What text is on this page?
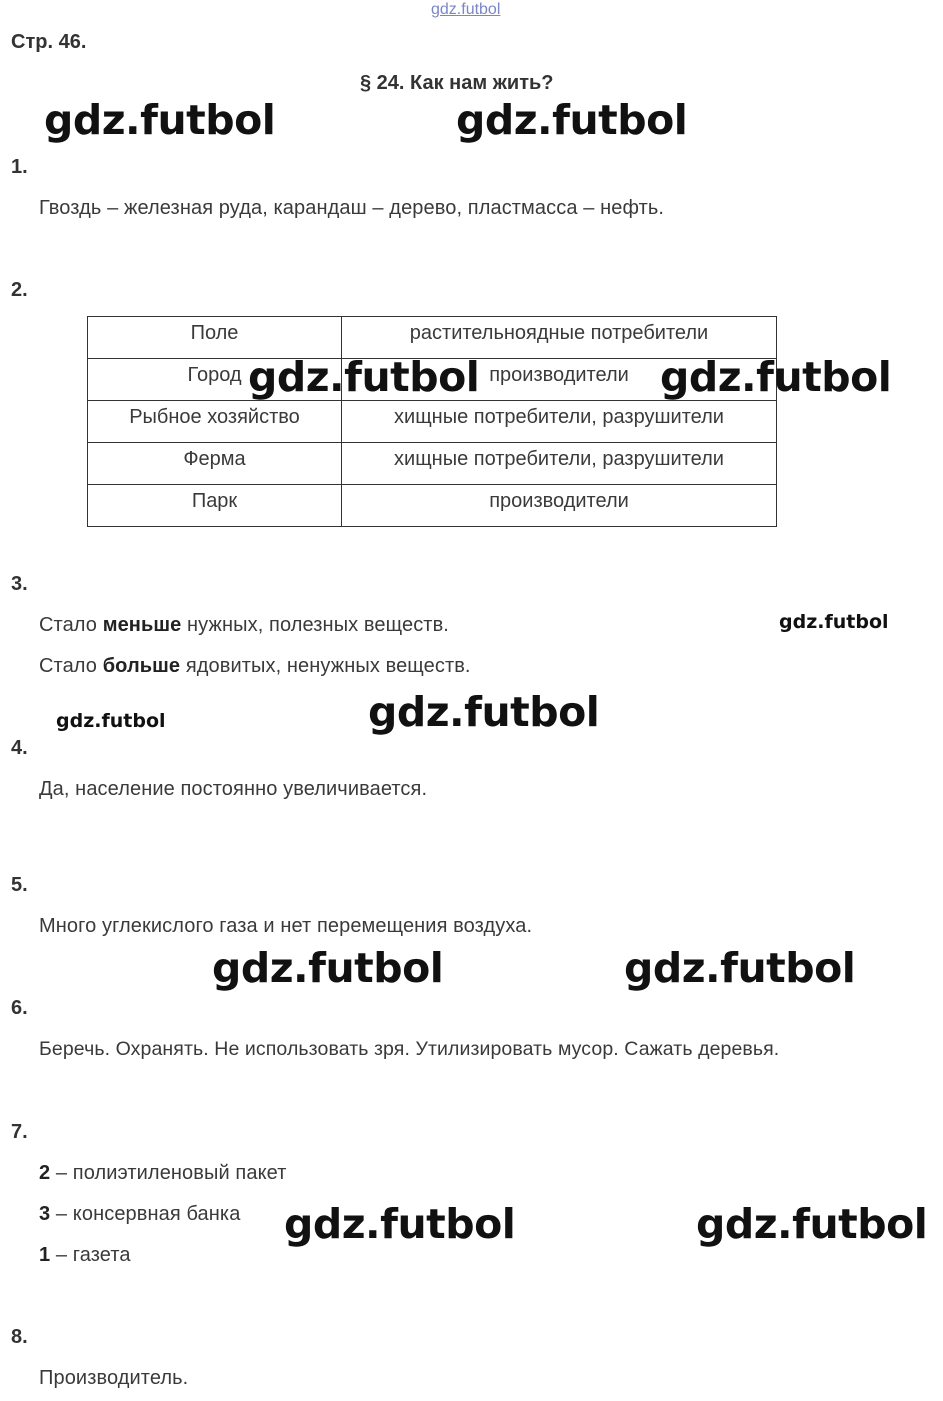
gdz.futbol
Стр. 46.
§ 24. Как нам жить?
1.
Гвоздь – железная руда, карандаш – дерево, пластмасса – нефть.
2.
Поле	растительноядные потребители
Город	производители
Рыбное хозяйство	хищные потребители, разрушители
Ферма	хищные потребители, разрушители
Парк	производители
3.
Стало меньше нужных, полезных веществ.
Стало больше ядовитых, ненужных веществ.
4.
Да, население постоянно увеличивается.
5.
Много углекислого газа и нет перемещения воздуха.
6.
Беречь. Охранять. Не использовать зря. Утилизировать мусор. Сажать деревья.
7.
2 – полиэтиленовый пакет
3 – консервная банка
1 – газета
8.
Производитель.
gdz.futbol	gdz.futbol
gdz.futbol	gdz.futbol
gdz.futbol
gdz.futbol	gdz.futbol
gdz.futbol	gdz.futbol
gdz.futbol	gdz.futbol
